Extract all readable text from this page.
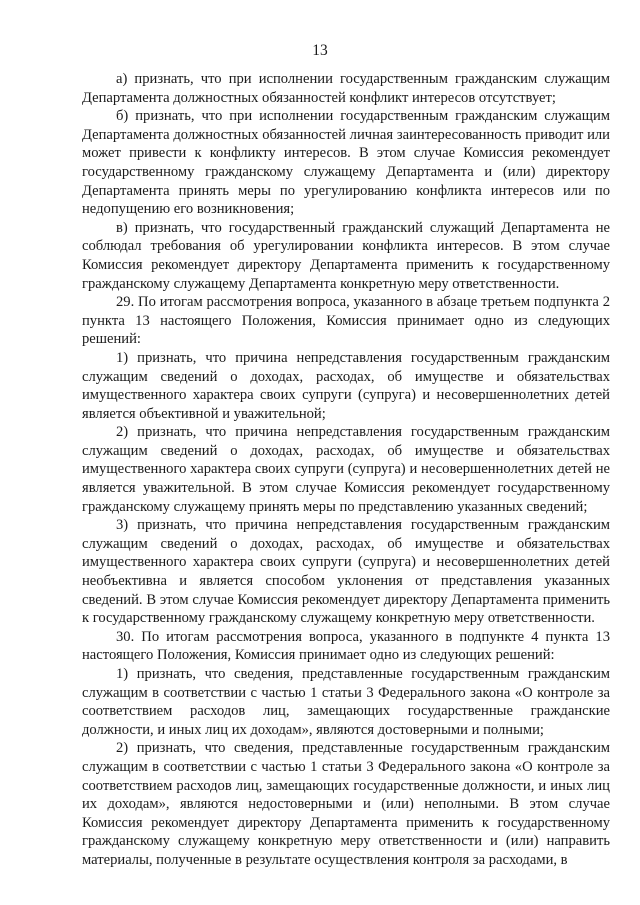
13

а) признать, что при исполнении государственным гражданским служащим Департамента должностных обязанностей конфликт интересов отсутствует;

б) признать, что при исполнении государственным гражданским служащим Департамента должностных обязанностей личная заинтересованность приводит или может привести к конфликту интересов. В этом случае Комиссия рекомендует государственному гражданскому служащему Департамента и (или) директору Департамента принять меры по урегулированию конфликта интересов или по недопущению его возникновения;

в) признать, что государственный гражданский служащий Департамента не соблюдал требования об урегулировании конфликта интересов. В этом случае Комиссия рекомендует директору Департамента применить к государственному гражданскому служащему Департамента конкретную меру ответственности.

29. По итогам рассмотрения вопроса, указанного в абзаце третьем подпункта 2 пункта 13 настоящего Положения, Комиссия принимает одно из следующих решений:

1) признать, что причина непредставления государственным гражданским служащим сведений о доходах, расходах, об имуществе и обязательствах имущественного характера своих супруги (супруга) и несовершеннолетних детей является объективной и уважительной;

2) признать, что причина непредставления государственным гражданским служащим сведений о доходах, расходах, об имуществе и обязательствах имущественного характера своих супруги (супруга) и несовершеннолетних детей не является уважительной. В этом случае Комиссия рекомендует государственному гражданскому служащему принять меры по представлению указанных сведений;

3) признать, что причина непредставления государственным гражданским служащим сведений о доходах, расходах, об имуществе и обязательствах имущественного характера своих супруги (супруга) и несовершеннолетних детей необъективна и является способом уклонения от представления указанных сведений. В этом случае Комиссия рекомендует директору Департамента применить к государственному гражданскому служащему конкретную меру ответственности.

30. По итогам рассмотрения вопроса, указанного в подпункте 4 пункта 13 настоящего Положения, Комиссия принимает одно из следующих решений:

1) признать, что сведения, представленные государственным гражданским служащим в соответствии с частью 1 статьи 3 Федерального закона «О контроле за соответствием расходов лиц, замещающих государственные гражданские должности, и иных лиц их доходам», являются достоверными и полными;

2) признать, что сведения, представленные государственным гражданским служащим в соответствии с частью 1 статьи 3 Федерального закона «О контроле за соответствием расходов лиц, замещающих государственные должности, и иных лиц их доходам», являются недостоверными и (или) неполными. В этом случае Комиссия рекомендует директору Департамента применить к государственному гражданскому служащему конкретную меру ответственности и (или) направить материалы, полученные в результате осуществления контроля за расходами, в
